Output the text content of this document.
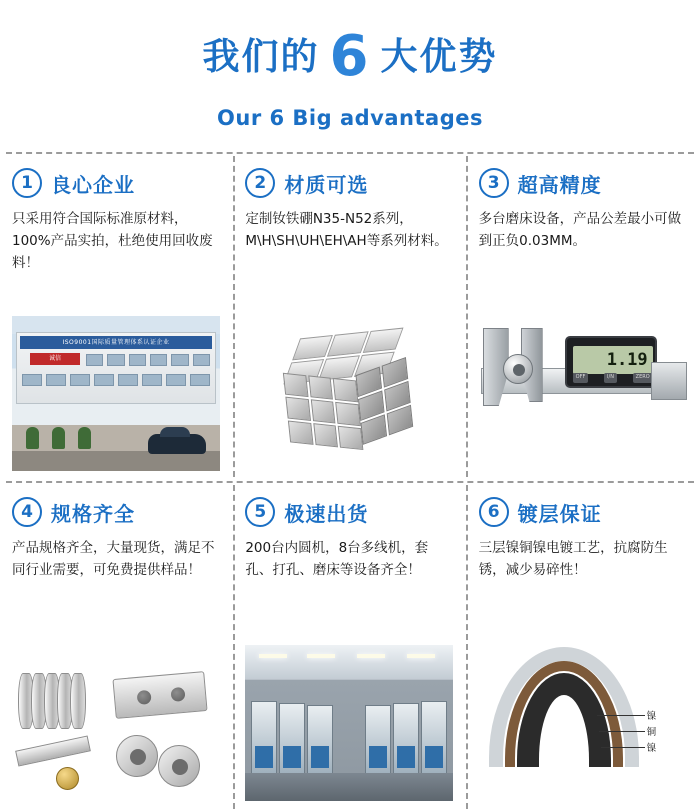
我们的 6 大优势
Our 6 Big advantages
1 良心企业
只采用符合国际标准原材料，100%产品实拍，杜绝使用回收废料！
ISO9001国际质量管理体系认证企业
诚信
2 材质可选
定制钕铁硼N35-N52系列，M\H\SH\UH\EH\AH等系列材料。
3 超高精度
多台磨床设备，产品公差最小可做到正负0.03MM。
1.19
OFF	I/N	ZERO
4 规格齐全
产品规格齐全，大量现货，满足不同行业需要，可免费提供样品！
5 极速出货
200台内圆机，8台多线机，套孔、打孔、磨床等设备齐全！
6 镀层保证
三层镍铜镍电镀工艺，抗腐防生锈，减少易碎性！
镍
铜
镍
